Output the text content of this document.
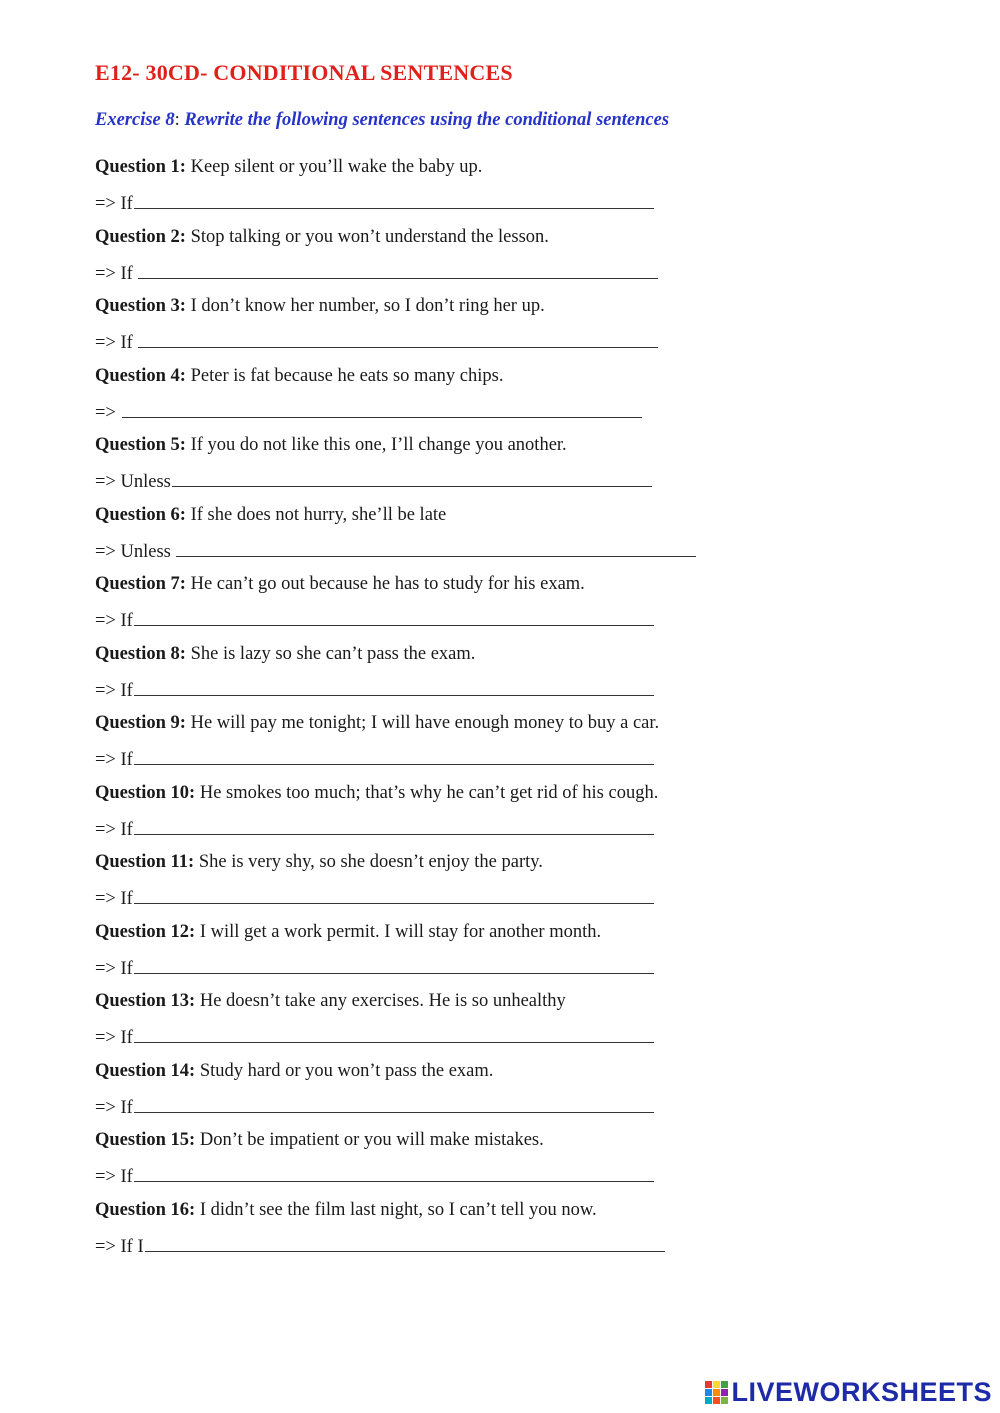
E12- 30CD- CONDITIONAL SENTENCES
Exercise 8: Rewrite the following sentences using the conditional sentences
Question 1: Keep silent or you’ll wake the baby up.
=> If
Question 2: Stop talking or you won’t understand the lesson.
=> If
Question 3: I don’t know her number, so I don’t ring her up.
=> If
Question 4: Peter is fat because he eats so many chips.
=>
Question 5: If you do not like this one, I’ll change you another.
=> Unless
Question 6: If she does not hurry, she’ll be late
=> Unless
Question 7: He can’t go out because he has to study for his exam.
=> If
Question 8: She is lazy so she can’t pass the exam.
=> If
Question 9: He will pay me tonight; I will have enough money to buy a car.
=> If
Question 10: He smokes too much; that’s why he can’t get rid of his cough.
=> If
Question 11: She is very shy, so she doesn’t enjoy the party.
=> If
Question 12: I will get a work permit. I will stay for another month.
=> If
Question 13: He doesn’t take any exercises. He is so unhealthy
=> If
Question 14: Study hard or you won’t pass the exam.
=> If
Question 15: Don’t be impatient or you will make mistakes.
=> If
Question 16: I didn’t see the film last night, so I can’t tell you now.
=> If I
LIVEWORKSHEETS
